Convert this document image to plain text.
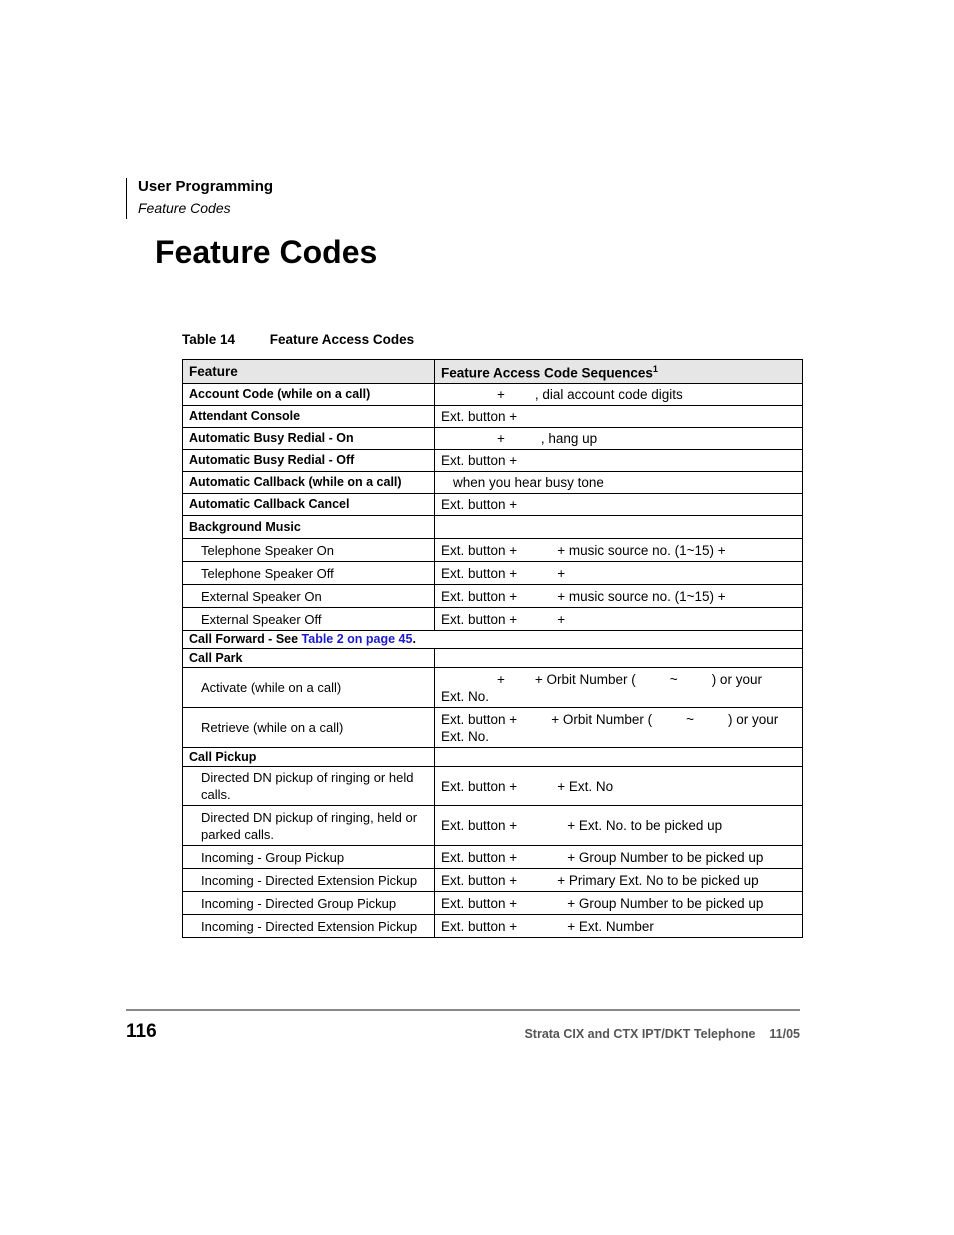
User Programming
Feature Codes
Feature Codes
Table 14	Feature Access Codes
Feature	Feature Access Code Sequences$^1$
Account Code (while on a call)	+ , dial account code digits
Attendant Console	Ext. button +
Automatic Busy Redial - On	+ , hang up
Automatic Busy Redial - Off	Ext. button +
Automatic Callback (while on a call)	when you hear busy tone
Automatic Callback Cancel	Ext. button +
Background Music	
Telephone Speaker On	Ext. button + + music source no. (1~15) +
Telephone Speaker Off	Ext. button + +
External Speaker On	Ext. button + + music source no. (1~15) +
External Speaker Off	Ext. button + +
Call Forward - See Table 2 on page 45.	
Call Park	
Activate (while on a call)	+ + Orbit Number ( ~ ) or your
Ext. No.
Retrieve (while on a call)	Ext. button + + Orbit Number ( ~ ) or your
Ext. No.
Call Pickup	
Directed DN pickup of ringing or held calls.	Ext. button + + Ext. No
Directed DN pickup of ringing, held or parked calls.	Ext. button + + Ext. No. to be picked up
Incoming - Group Pickup	Ext. button + + Group Number to be picked up
Incoming - Directed Extension Pickup	Ext. button + + Primary Ext. No to be picked up
Incoming - Directed Group Pickup	Ext. button + + Group Number to be picked up
Incoming - Directed Extension Pickup	Ext. button + + Ext. Number
116	Strata CIX and CTX IPT/DKT Telephone 11/05
